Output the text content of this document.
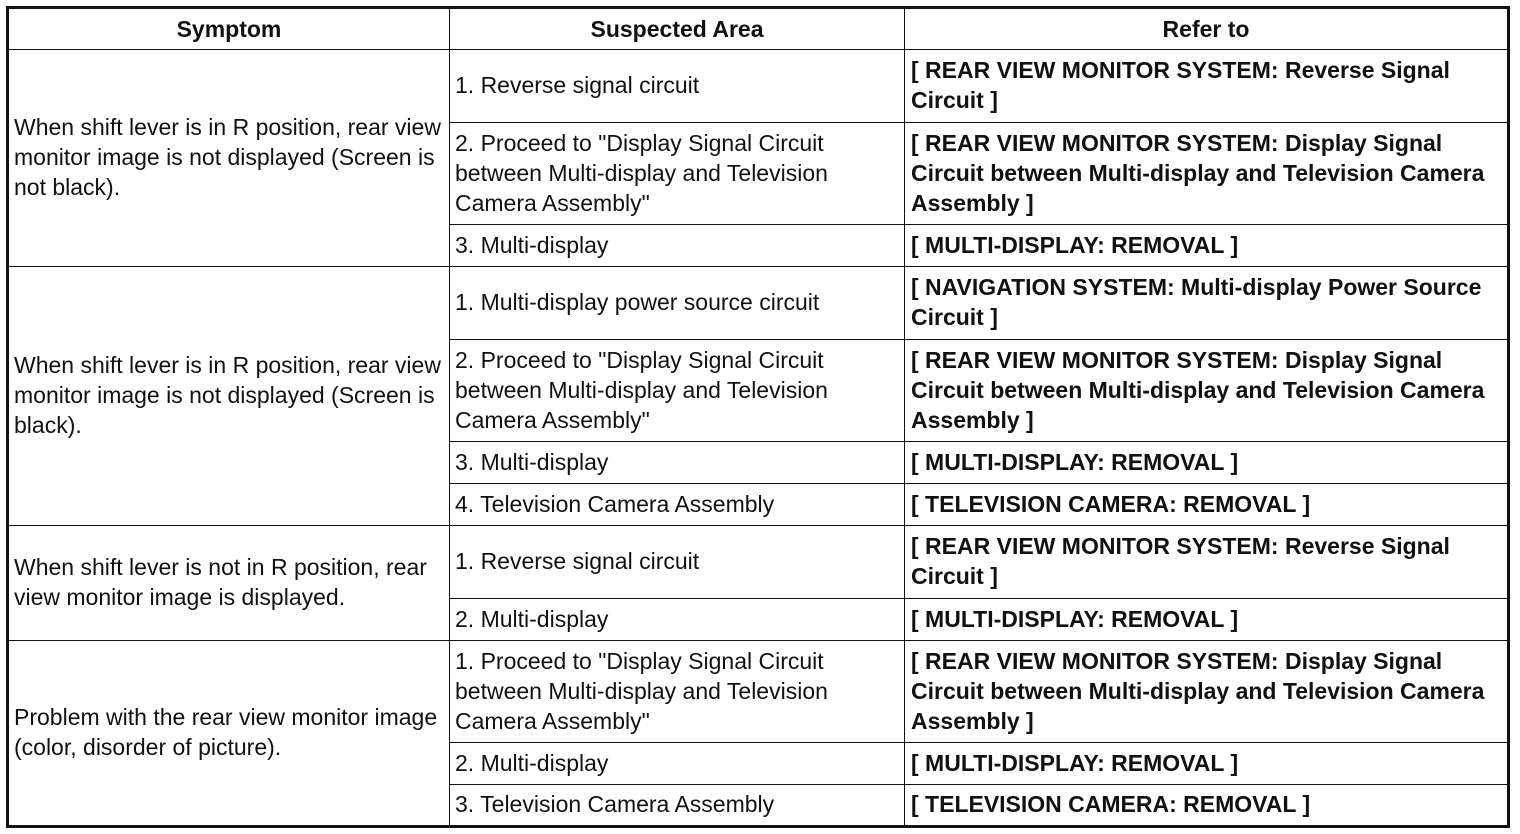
Symptom	Suspected Area	Refer to
When shift lever is in R position, rear view monitor image is not displayed (Screen is not black).	1. Reverse signal circuit	[ REAR VIEW MONITOR SYSTEM: Reverse Signal Circuit ]
	2. Proceed to "Display Signal Circuit between Multi-display and Television Camera Assembly"	[ REAR VIEW MONITOR SYSTEM: Display Signal Circuit between Multi-display and Television Camera Assembly ]
	3. Multi-display	[ MULTI-DISPLAY: REMOVAL ]
When shift lever is in R position, rear view monitor image is not displayed (Screen is black).	1. Multi-display power source circuit	[ NAVIGATION SYSTEM: Multi-display Power Source Circuit ]
	2. Proceed to "Display Signal Circuit between Multi-display and Television Camera Assembly"	[ REAR VIEW MONITOR SYSTEM: Display Signal Circuit between Multi-display and Television Camera Assembly ]
	3. Multi-display	[ MULTI-DISPLAY: REMOVAL ]
	4. Television Camera Assembly	[ TELEVISION CAMERA: REMOVAL ]
When shift lever is not in R position, rear view monitor image is displayed.	1. Reverse signal circuit	[ REAR VIEW MONITOR SYSTEM: Reverse Signal Circuit ]
	2. Multi-display	[ MULTI-DISPLAY: REMOVAL ]
Problem with the rear view monitor image (color, disorder of picture).	1. Proceed to "Display Signal Circuit between Multi-display and Television Camera Assembly"	[ REAR VIEW MONITOR SYSTEM: Display Signal Circuit between Multi-display and Television Camera Assembly ]
	2. Multi-display	[ MULTI-DISPLAY: REMOVAL ]
	3. Television Camera Assembly	[ TELEVISION CAMERA: REMOVAL ]
